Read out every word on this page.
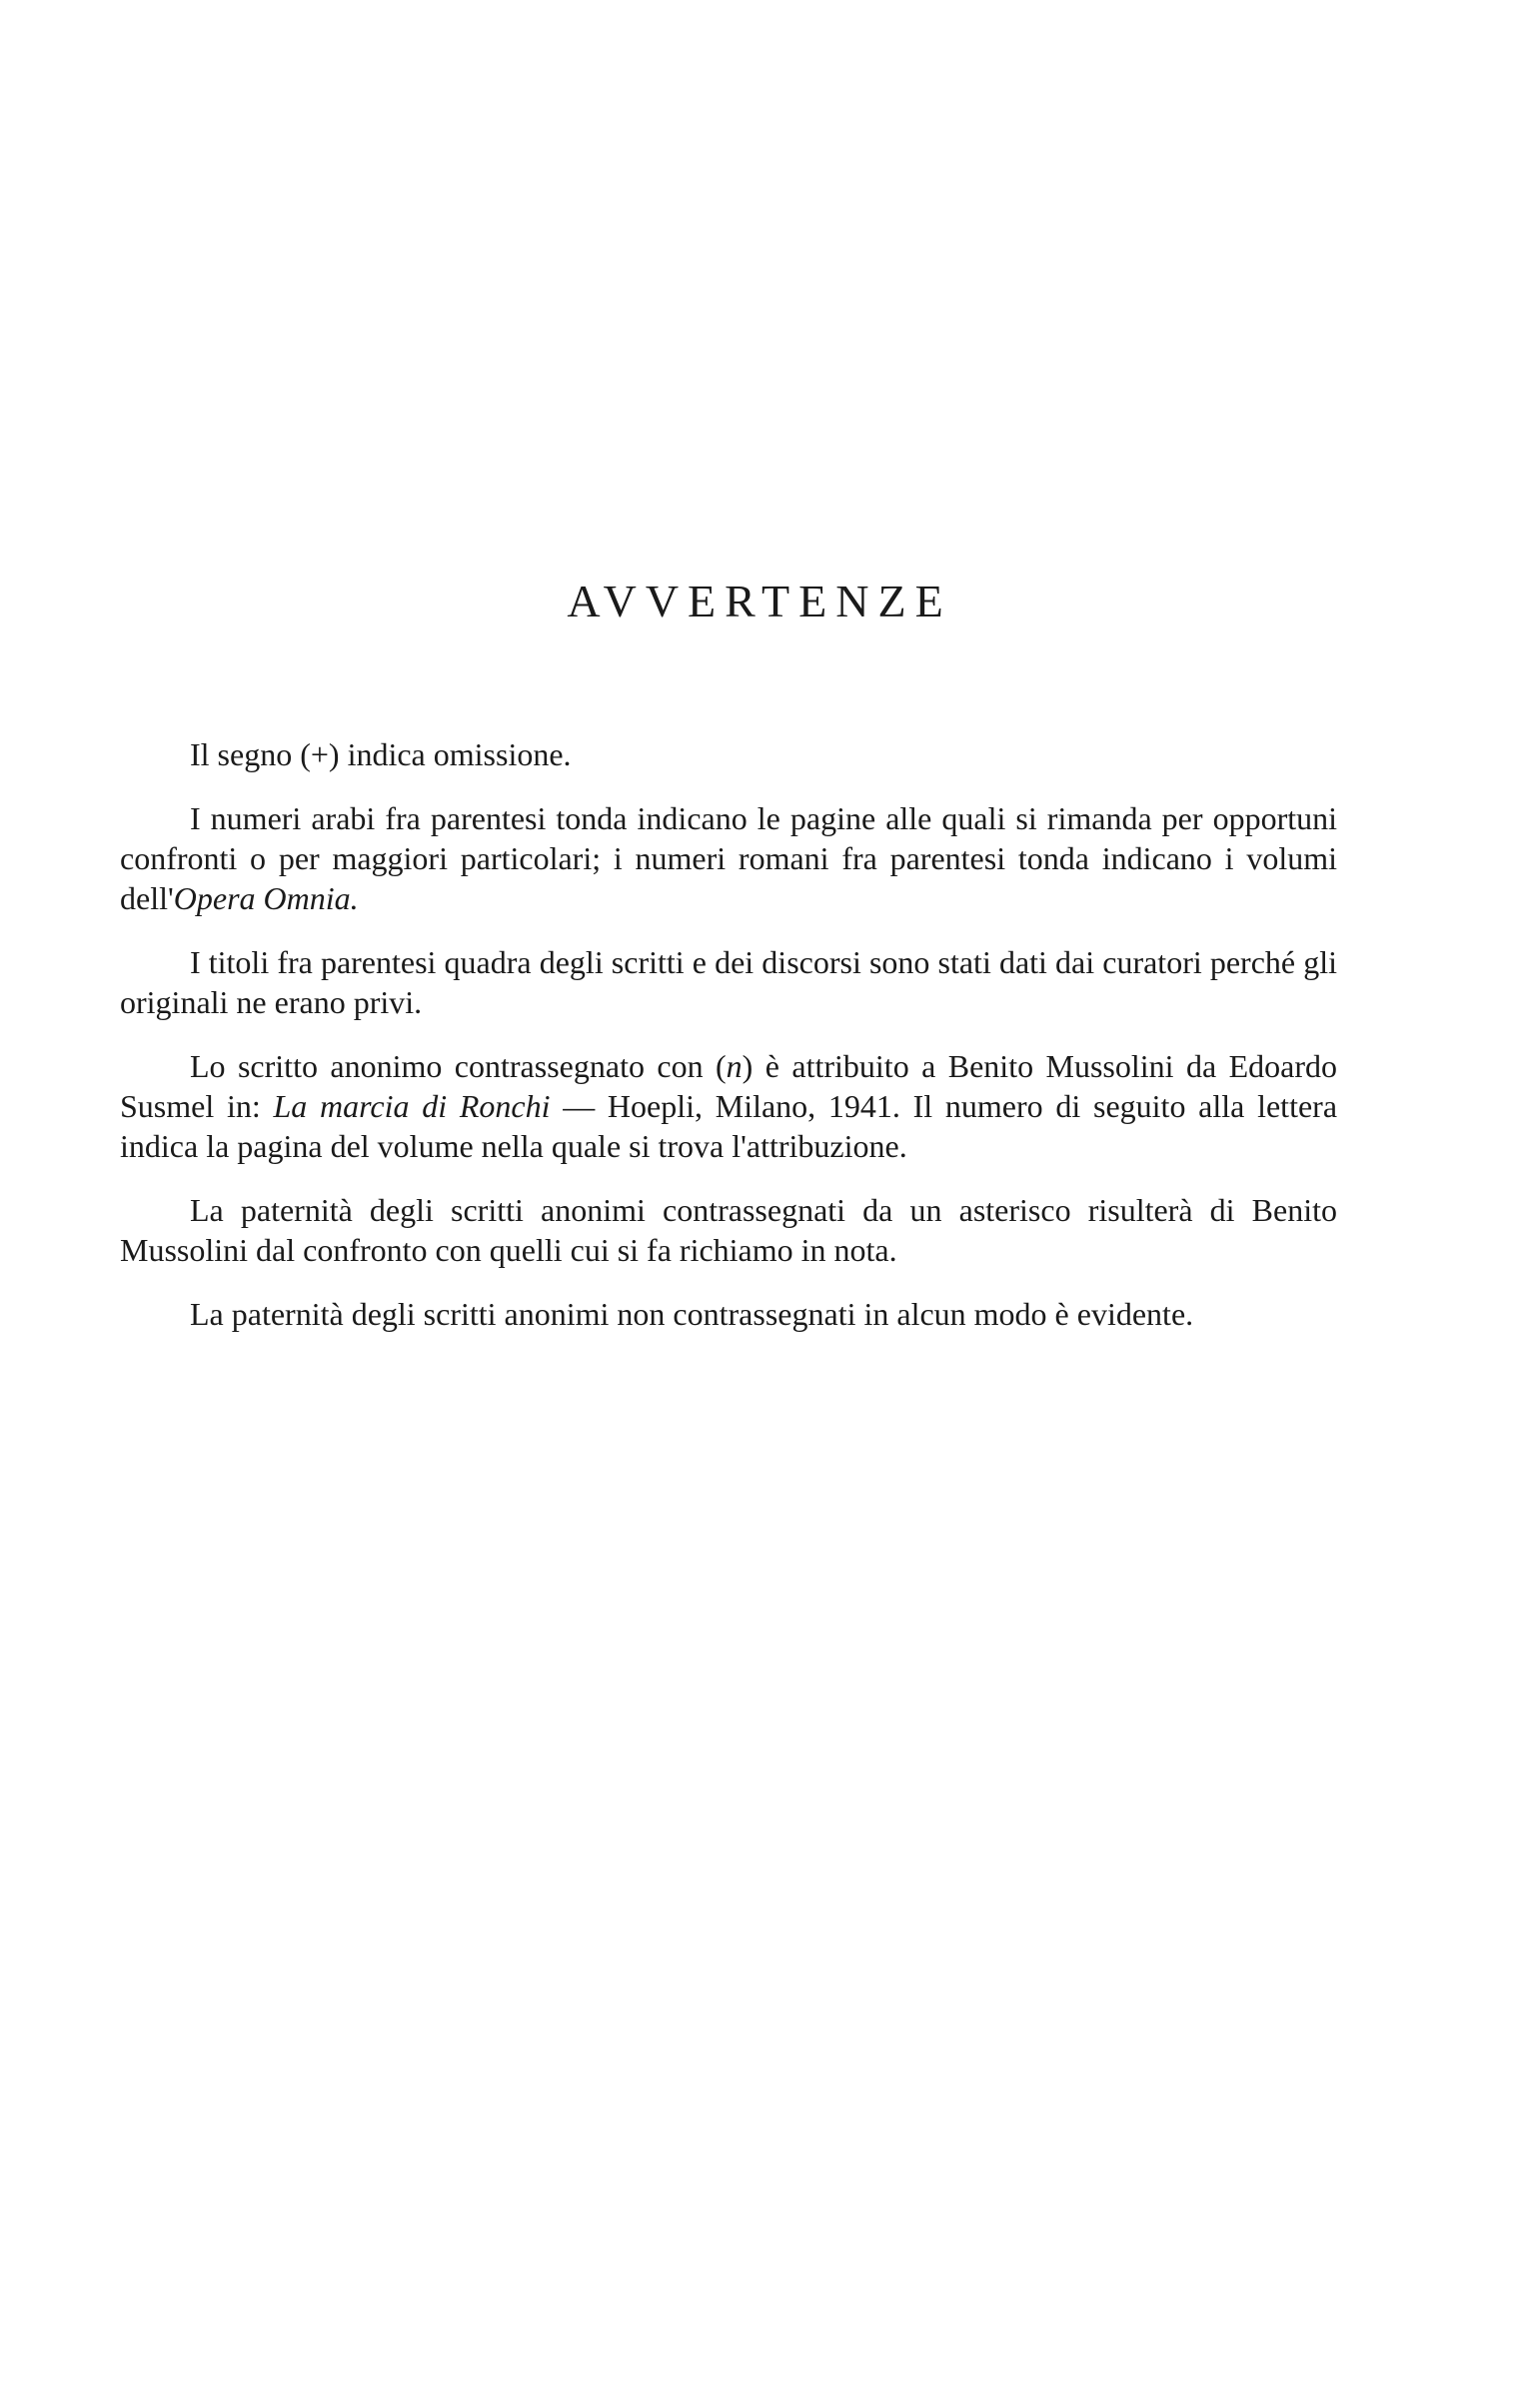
AVVERTENZE

Il segno (+) indica omissione.

I numeri arabi fra parentesi tonda indicano le pagine alle quali si rimanda per opportuni confronti o per maggiori particolari; i numeri romani fra parentesi tonda indicano i volumi dell'Opera Omnia.

I titoli fra parentesi quadra degli scritti e dei discorsi sono stati dati dai curatori perché gli originali ne erano privi.

Lo scritto anonimo contrassegnato con (n) è attribuito a Benito Mussolini da Edoardo Susmel in: La marcia di Ronchi — Hoepli, Milano, 1941. Il numero di seguito alla lettera indica la pagina del volume nella quale si trova l'attribuzione.

La paternità degli scritti anonimi contrassegnati da un asterisco risulterà di Benito Mussolini dal confronto con quelli cui si fa richiamo in nota.

La paternità degli scritti anonimi non contrassegnati in alcun modo è evidente.
